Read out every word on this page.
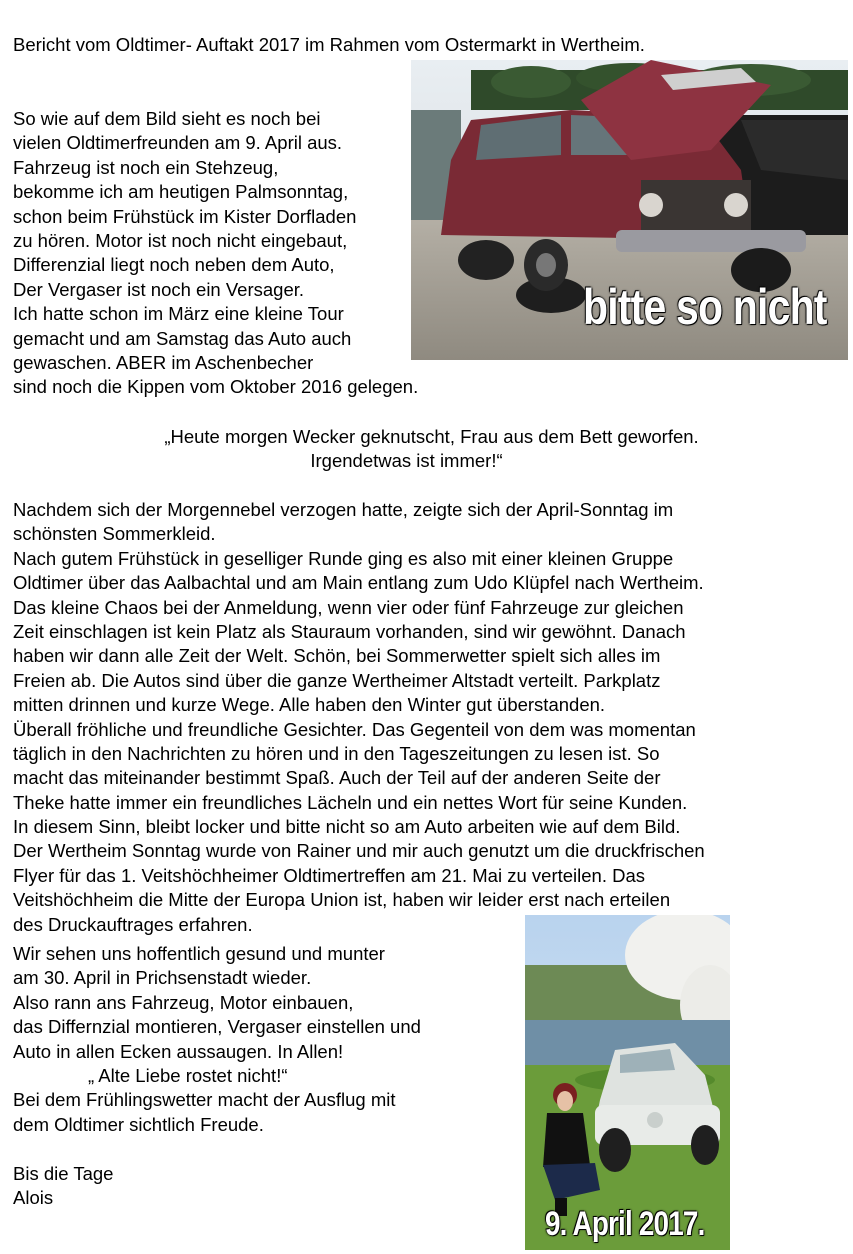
Bericht vom Oldtimer- Auftakt 2017 im Rahmen vom Ostermarkt in Wertheim.
So wie auf dem Bild sieht es noch bei
vielen Oldtimerfreunden am 9. April aus.
Fahrzeug ist noch ein Stehzeug,
bekomme ich am heutigen Palmsonntag,
schon beim Frühstück im Kister Dorfladen
zu hören. Motor ist noch nicht eingebaut,
Differenzial liegt noch neben dem Auto,
Der Vergaser ist noch ein Versager.
Ich hatte schon im März eine kleine Tour
gemacht und am Samstag das Auto auch
gewaschen. ABER im Aschenbecher
sind noch die Kippen vom Oktober 2016 gelegen.
bitte so nicht
„Heute morgen Wecker geknutscht, Frau aus dem Bett geworfen.
Irgendetwas ist immer!“
Nachdem sich der Morgennebel verzogen hatte, zeigte sich der April-Sonntag im
schönsten Sommerkleid.
Nach gutem Frühstück in geselliger Runde ging es also mit einer kleinen Gruppe
Oldtimer über das Aalbachtal und am Main entlang zum Udo Klüpfel nach Wertheim.
Das kleine Chaos bei der Anmeldung, wenn vier oder fünf Fahrzeuge zur gleichen
Zeit einschlagen ist kein Platz als Stauraum vorhanden, sind wir gewöhnt. Danach
haben wir dann alle Zeit der Welt. Schön, bei Sommerwetter spielt sich alles im
Freien ab. Die Autos sind über die ganze Wertheimer Altstadt verteilt. Parkplatz
mitten drinnen und kurze Wege. Alle haben den Winter gut überstanden.
Überall fröhliche und freundliche Gesichter. Das Gegenteil von dem was momentan
täglich in den Nachrichten zu hören und in den Tageszeitungen zu lesen ist. So
macht das miteinander bestimmt Spaß. Auch der Teil auf der anderen Seite der
Theke hatte immer ein freundliches Lächeln und ein nettes Wort für seine Kunden.
In diesem Sinn, bleibt locker und bitte nicht so am Auto arbeiten wie auf dem Bild.
Der Wertheim Sonntag wurde von Rainer und mir auch genutzt um die druckfrischen
Flyer für das 1. Veitshöchheimer Oldtimertreffen am 21. Mai zu verteilen. Das
Veitshöchheim die Mitte der Europa Union ist, haben wir leider erst nach erteilen
des Druckauftrages erfahren.
Wir sehen uns hoffentlich gesund und munter
am 30. April in Prichsenstadt wieder.
Also rann ans Fahrzeug, Motor einbauen,
das Differnzial montieren, Vergaser einstellen und
Auto in allen Ecken aussaugen. In Allen!
„ Alte Liebe rostet nicht!“
Bei dem Frühlingswetter macht der Ausflug mit
dem Oldtimer sichtlich Freude.
Bis die Tage
Alois
9. April 2017.
